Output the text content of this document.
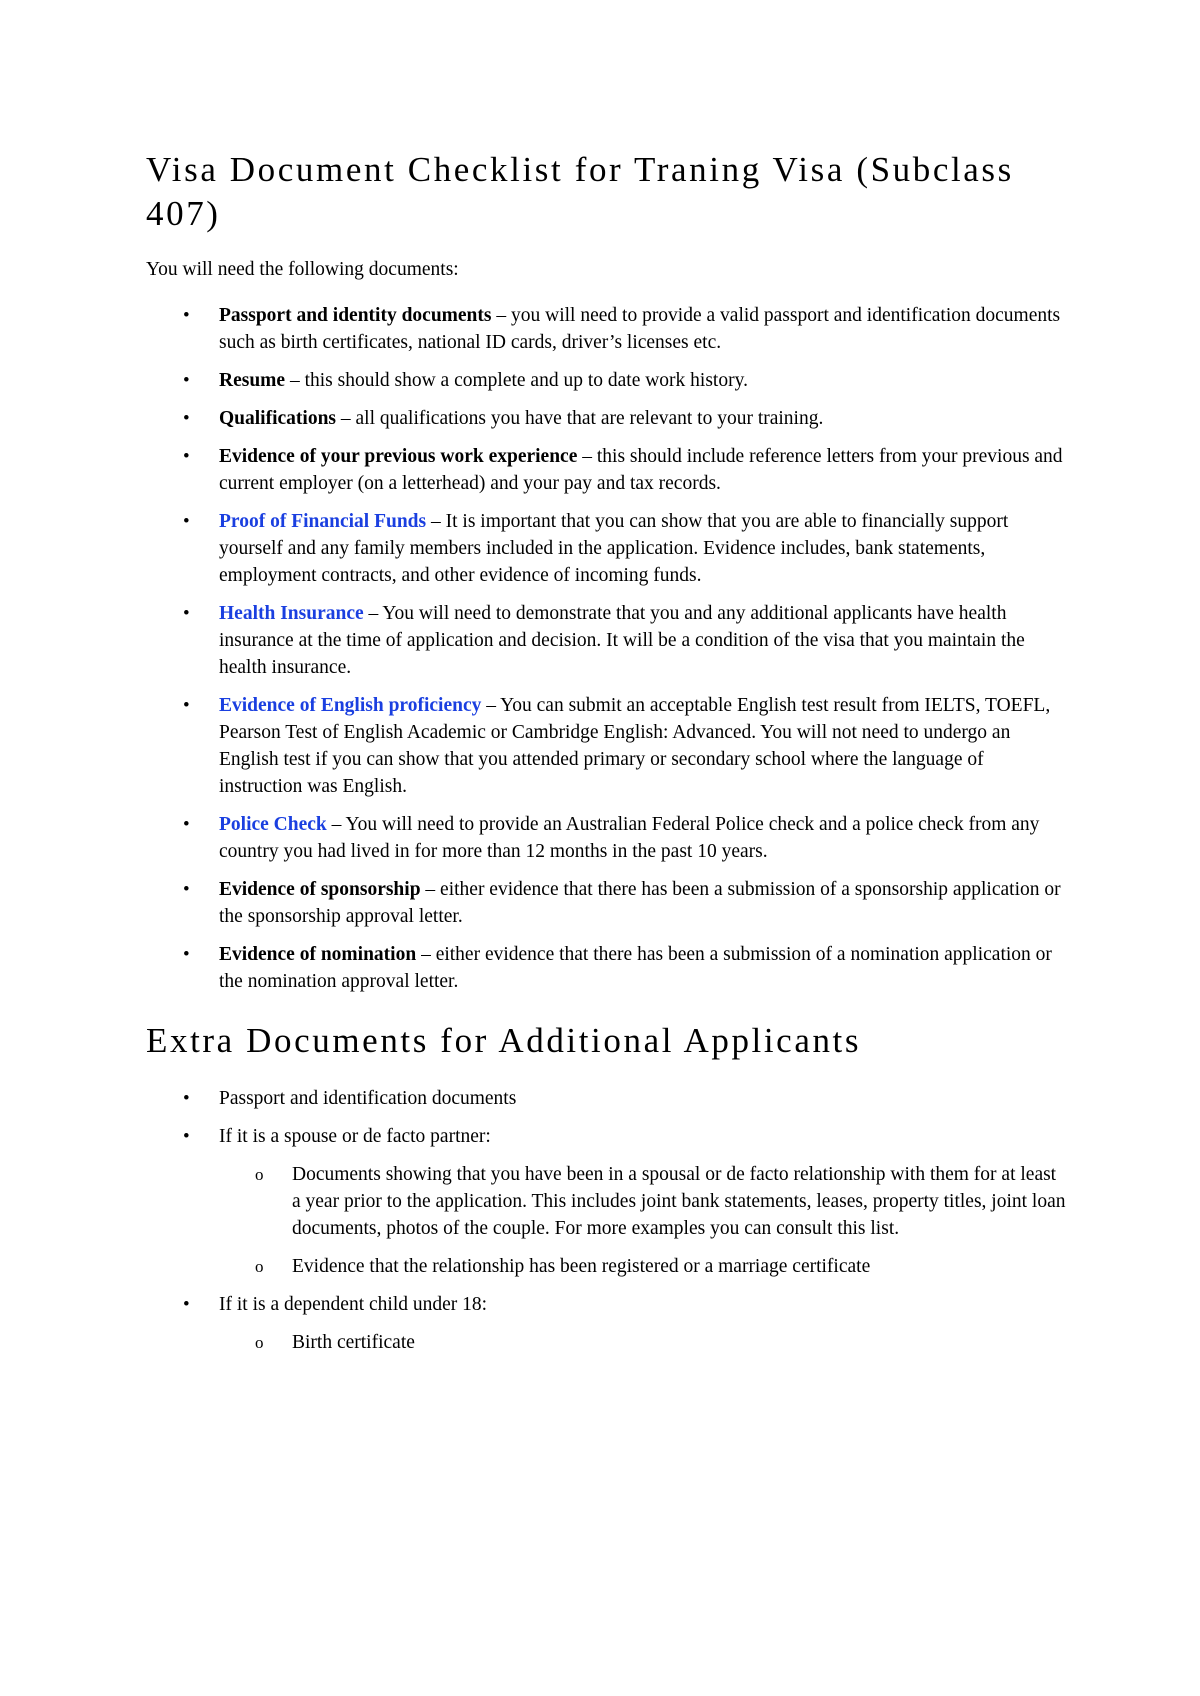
Visa Document Checklist for Traning Visa (Subclass 407)

You will need the following documents:

• Passport and identity documents – you will need to provide a valid passport and identification documents such as birth certificates, national ID cards, driver’s licenses etc.
• Resume – this should show a complete and up to date work history.
• Qualifications – all qualifications you have that are relevant to your training.
• Evidence of your previous work experience – this should include reference letters from your previous and current employer (on a letterhead) and your pay and tax records.
• Proof of Financial Funds – It is important that you can show that you are able to financially support yourself and any family members included in the application. Evidence includes, bank statements, employment contracts, and other evidence of incoming funds.
• Health Insurance – You will need to demonstrate that you and any additional applicants have health insurance at the time of application and decision. It will be a condition of the visa that you maintain the health insurance.
• Evidence of English proficiency – You can submit an acceptable English test result from IELTS, TOEFL, Pearson Test of English Academic or Cambridge English: Advanced. You will not need to undergo an English test if you can show that you attended primary or secondary school where the language of instruction was English.
• Police Check – You will need to provide an Australian Federal Police check and a police check from any country you had lived in for more than 12 months in the past 10 years.
• Evidence of sponsorship – either evidence that there has been a submission of a sponsorship application or the sponsorship approval letter.
• Evidence of nomination – either evidence that there has been a submission of a nomination application or the nomination approval letter.
Extra Documents for Additional Applicants
• Passport and identification documents
• If it is a spouse or de facto partner:
o Documents showing that you have been in a spousal or de facto relationship with them for at least a year prior to the application. This includes joint bank statements, leases, property titles, joint loan documents, photos of the couple. For more examples you can consult this list.
o Evidence that the relationship has been registered or a marriage certificate
• If it is a dependent child under 18:
o Birth certificate
